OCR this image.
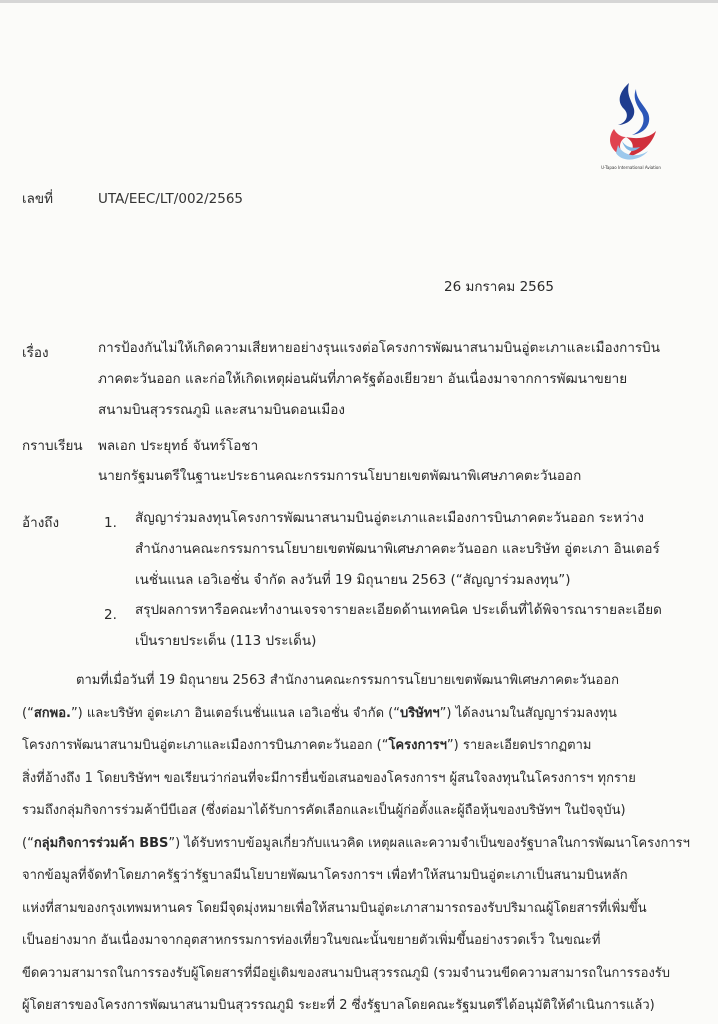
U-Tapao International Aviation
เลขที่	UTA/EEC/LT/002/2565
26 มกราคม 2565
เรื่อง	การป้องกันไม่ให้เกิดความเสียหายอย่างรุนแรงต่อโครงการพัฒนาสนามบินอู่ตะเภาและเมืองการบิน
ภาคตะวันออก และก่อให้เกิดเหตุผ่อนผันที่ภาครัฐต้องเยียวยา อันเนื่องมาจากการพัฒนาขยาย
สนามบินสุวรรณภูมิ และสนามบินดอนเมือง
กราบเรียน พลเอก ประยุทธ์ จันทร์โอชา
นายกรัฐมนตรีในฐานะประธานคณะกรรมการนโยบายเขตพัฒนาพิเศษภาคตะวันออก
อ้างถึง	1. สัญญาร่วมลงทุนโครงการพัฒนาสนามบินอู่ตะเภาและเมืองการบินภาคตะวันออก ระหว่าง
สำนักงานคณะกรรมการนโยบายเขตพัฒนาพิเศษภาคตะวันออก และบริษัท อู่ตะเภา อินเตอร์
เนชั่นแนล เอวิเอชั่น จำกัด ลงวันที่ 19 มิถุนายน 2563 (“สัญญาร่วมลงทุน”)
2. สรุปผลการหารือคณะทำงานเจรจารายละเอียดด้านเทคนิค ประเด็นที่ได้พิจารณารายละเอียด
เป็นรายประเด็น (113 ประเด็น)
ตามที่เมื่อวันที่ 19 มิถุนายน 2563 สำนักงานคณะกรรมการนโยบายเขตพัฒนาพิเศษภาคตะวันออก
(“สกพอ.”) และบริษัท อู่ตะเภา อินเตอร์เนชั่นแนล เอวิเอชั่น จำกัด (“บริษัทฯ”) ได้ลงนามในสัญญาร่วมลงทุน
โครงการพัฒนาสนามบินอู่ตะเภาและเมืองการบินภาคตะวันออก (“โครงการฯ”) รายละเอียดปรากฏตาม
สิ่งที่อ้างถึง 1 โดยบริษัทฯ ขอเรียนว่าก่อนที่จะมีการยื่นข้อเสนอของโครงการฯ ผู้สนใจลงทุนในโครงการฯ ทุกราย
รวมถึงกลุ่มกิจการร่วมค้าบีบีเอส (ซึ่งต่อมาได้รับการคัดเลือกและเป็นผู้ก่อตั้งและผู้ถือหุ้นของบริษัทฯ ในปัจจุบัน)
(“กลุ่มกิจการร่วมค้า BBS”) ได้รับทราบข้อมูลเกี่ยวกับแนวคิด เหตุผลและความจำเป็นของรัฐบาลในการพัฒนาโครงการฯ
จากข้อมูลที่จัดทำโดยภาครัฐว่ารัฐบาลมีนโยบายพัฒนาโครงการฯ เพื่อทำให้สนามบินอู่ตะเภาเป็นสนามบินหลัก
แห่งที่สามของกรุงเทพมหานคร โดยมีจุดมุ่งหมายเพื่อให้สนามบินอู่ตะเภาสามารถรองรับปริมาณผู้โดยสารที่เพิ่มขึ้น
เป็นอย่างมาก อันเนื่องมาจากอุตสาหกรรมการท่องเที่ยวในขณะนั้นขยายตัวเพิ่มขึ้นอย่างรวดเร็ว ในขณะที่
ขีดความสามารถในการรองรับผู้โดยสารที่มีอยู่เดิมของสนามบินสุวรรณภูมิ (รวมจำนวนขีดความสามารถในการรองรับ
ผู้โดยสารของโครงการพัฒนาสนามบินสุวรรณภูมิ ระยะที่ 2 ซึ่งรัฐบาลโดยคณะรัฐมนตรีได้อนุมัติให้ดำเนินการแล้ว)
